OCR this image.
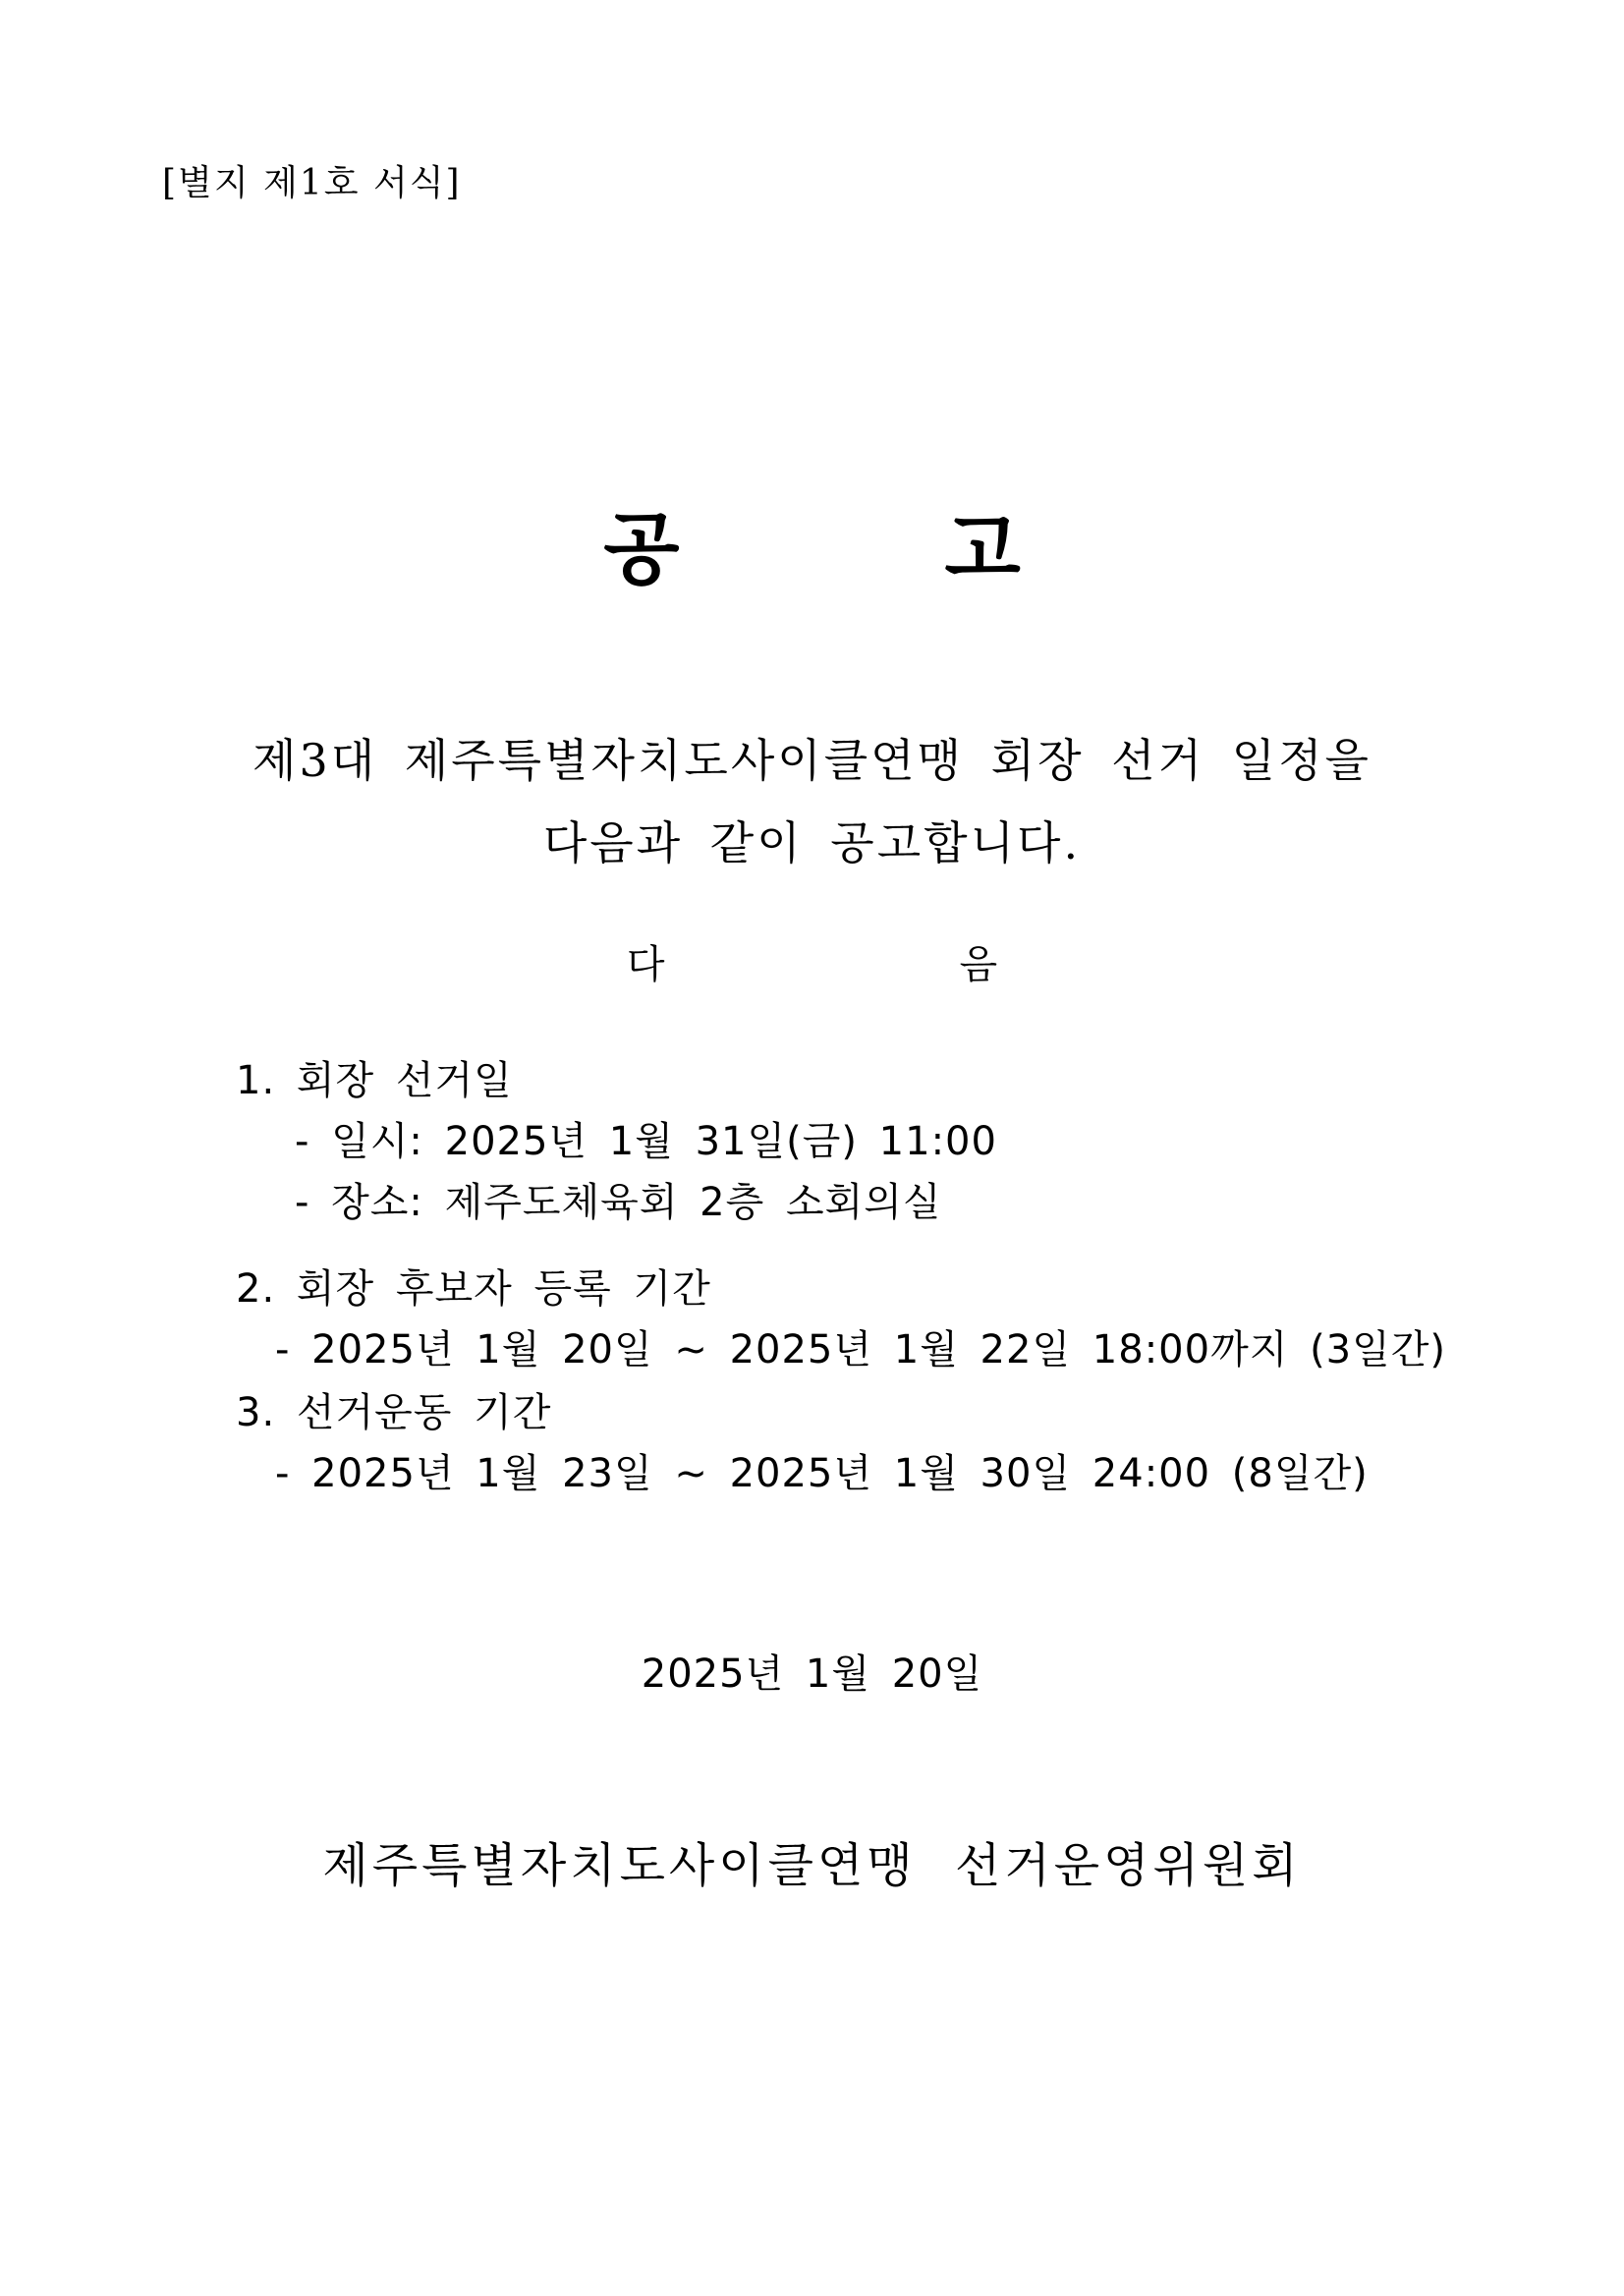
[별지 제1호 서식]
공고
제3대 제주특별자치도사이클연맹 회장 선거 일정을
다음과 같이 공고합니다.
다음
1. 회장 선거일
- 일시: 2025년 1월 31일(금) 11:00
- 장소: 제주도체육회 2층 소회의실
2. 회장 후보자 등록 기간
- 2025년 1월 20일 ~ 2025년 1월 22일 18:00까지 (3일간)
3. 선거운동 기간
- 2025년 1월 23일 ~ 2025년 1월 30일 24:00 (8일간)
2025년 1월 20일
제주특별자치도사이클연맹 선거운영위원회
